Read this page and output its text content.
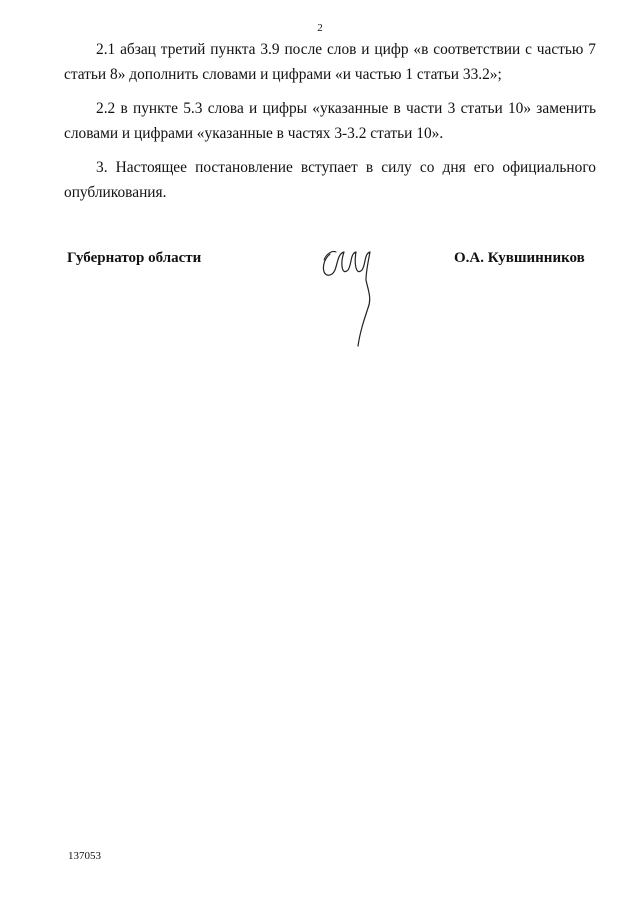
2

2.1 абзац третий пункта 3.9 после слов и цифр «в соответствии с частью 7 статьи 8» дополнить словами и цифрами «и частью 1 статьи 33.2»;

2.2 в пункте 5.3 слова и цифры «указанные в части 3 статьи 10» заменить словами и цифрами «указанные в частях 3-3.2 статьи 10».

3. Настоящее постановление вступает в силу со дня его официального опубликования.

Губернатор области	О.А. Кувшинников
137053
